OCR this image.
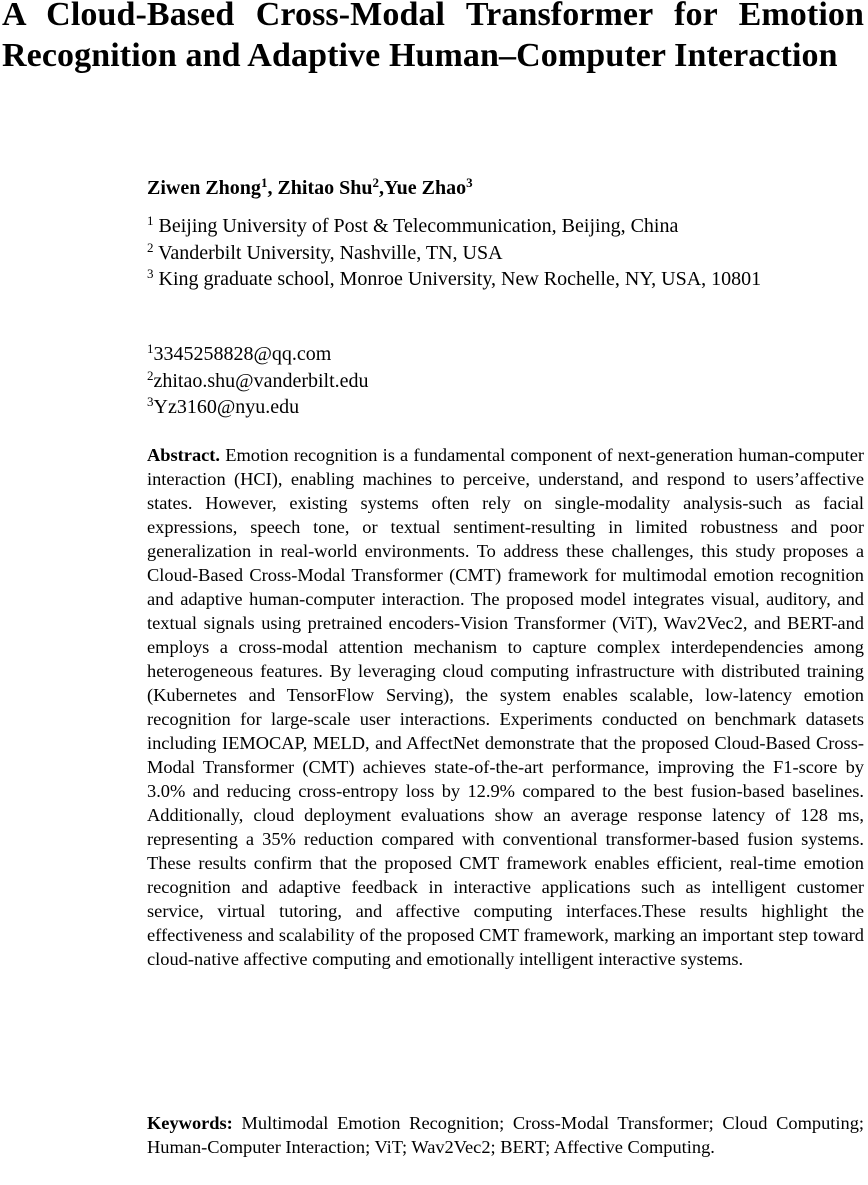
A Cloud-Based Cross-Modal Transformer for Emotion Recognition and Adaptive Human–Computer Interaction
Ziwen Zhong$^1$, Zhitao Shu$^2$,Yue Zhao$^3$
$^1$ Beijing University of Post & Telecommunication, Beijing, China
$^2$ Vanderbilt University, Nashville, TN, USA
$^3$ King graduate school, Monroe University, New Rochelle, NY, USA, 10801
$^1$3345258828@qq.com
$^2$zhitao.shu@vanderbilt.edu
$^3$Yz3160@nyu.edu

Abstract. Emotion recognition is a fundamental component of next-generation human-computer interaction (HCI), enabling machines to perceive, understand, and respond to users’affective states. However, existing systems often rely on single-modality analysis-such as facial expressions, speech tone, or textual sentiment-resulting in limited robustness and poor generalization in real-world environments. To address these challenges, this study proposes a Cloud-Based Cross-Modal Transformer (CMT) framework for multimodal emotion recognition and adaptive human-computer interaction. The proposed model integrates visual, auditory, and textual signals using pretrained encoders-Vision Transformer (ViT), Wav2Vec2, and BERT-and employs a cross-modal attention mechanism to capture complex interdependencies among heterogeneous features. By leveraging cloud computing infrastructure with distributed training (Kubernetes and TensorFlow Serving), the system enables scalable, low-latency emotion recognition for large-scale user interactions. Experiments conducted on benchmark datasets including IEMOCAP, MELD, and AffectNet demonstrate that the proposed Cloud-Based Cross-Modal Transformer (CMT) achieves state-of-the-art performance, improving the F1-score by 3.0% and reducing cross-entropy loss by 12.9% compared to the best fusion-based baselines. Additionally, cloud deployment evaluations show an average response latency of 128 ms, representing a 35% reduction compared with conventional transformer-based fusion systems. These results confirm that the proposed CMT framework enables efficient, real-time emotion recognition and adaptive feedback in interactive applications such as intelligent customer service, virtual tutoring, and affective computing interfaces.These results highlight the effectiveness and scalability of the proposed CMT framework, marking an important step toward cloud-native affective computing and emotionally intelligent interactive systems.

Keywords: Multimodal Emotion Recognition; Cross-Modal Transformer; Cloud Computing; Human-Computer Interaction; ViT; Wav2Vec2; BERT; Affective Computing.
